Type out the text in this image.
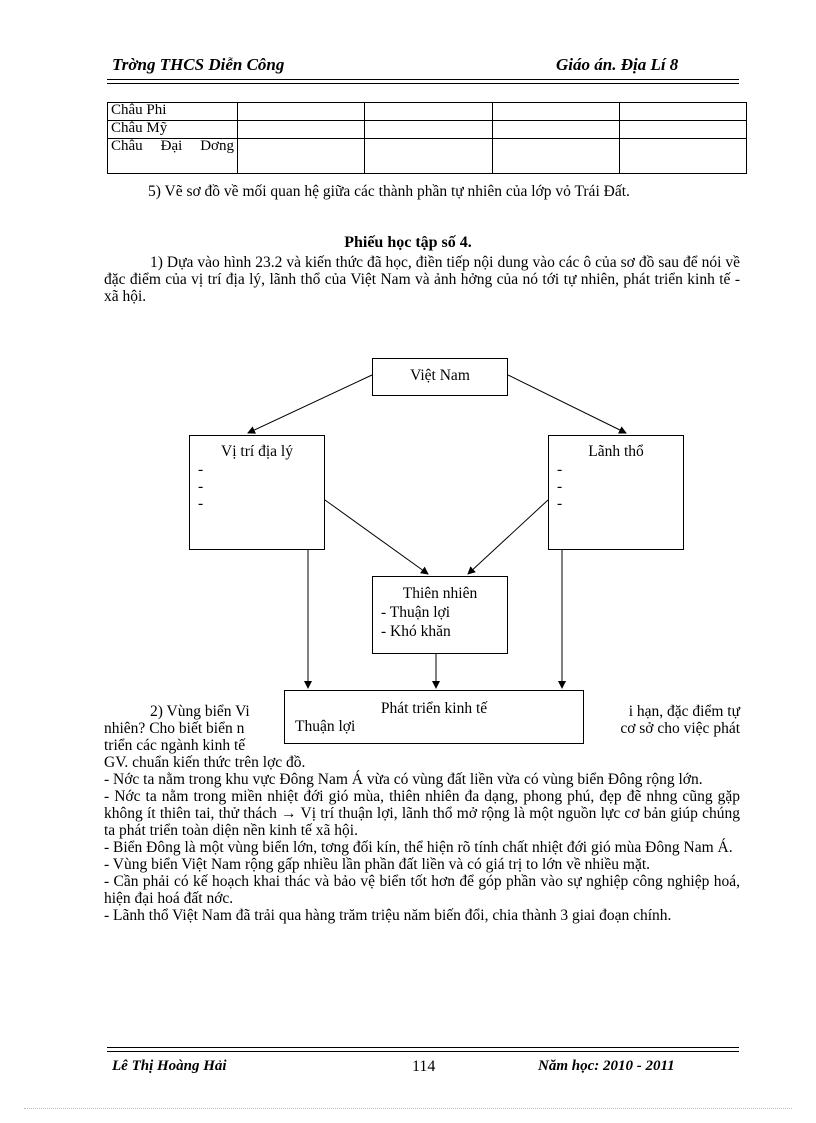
Trờng THCS Diễn Công	Giáo án. Địa Lí 8
Châu Phi				
Châu Mỹ				
Châu Đại Dơng				
5) Vẽ sơ đồ về mối quan hệ giữa các thành phần tự nhiên của lớp vỏ Trái Đất.
Phiếu học tập số 4.
1) Dựa vào hình 23.2 và kiến thức đã học, điền tiếp nội dung vào các ô của sơ đồ sau để nói về đặc điểm của vị trí địa lý, lãnh thổ của Việt Nam và ảnh hởng của nó tới tự nhiên, phát triển kinh tế - xã hội.
Việt Nam
Vị trí địa lý
-
-
-
Lãnh thổ
-
-
-
Thiên nhiên
- Thuận lợi
- Khó khăn
2) Vùng biển Vi
nhiên? Cho biết biển n
triển các ngành kinh tế
GV. chuẩn kiến thức trên lợc đồ.
i hạn, đặc điểm tự
cơ sở cho việc phát
Phát triển kinh tế
Thuận lợi
- Nớc ta nằm trong khu vực Đông Nam Á vừa có vùng đất liền vừa có vùng biển Đông rộng lớn.
- Nớc ta nằm trong miền nhiệt đới gió mùa, thiên nhiên đa dạng, phong phú, đẹp đẽ nhng cũng gặp không ít thiên tai, thử thách → Vị trí thuận lợi, lãnh thổ mở rộng là một nguồn lực cơ bản giúp chúng ta phát triển toàn diện nền kinh tế xã hội.
- Biển Đông là một vùng biển lớn, tơng đối kín, thể hiện rõ tính chất nhiệt đới gió mùa Đông Nam Á.
- Vùng biển Việt Nam rộng gấp nhiều lần phần đất liền và có giá trị to lớn về nhiều mặt.
- Cần phải có kế hoạch khai thác và bảo vệ biển tốt hơn để góp phần vào sự nghiệp công nghiệp hoá, hiện đại hoá đất nớc.
- Lãnh thổ Việt Nam đã trải qua hàng trăm triệu năm biến đổi, chia thành 3 giai đoạn chính.
Lê Thị Hoàng Hải	114	Năm học: 2010 - 2011
